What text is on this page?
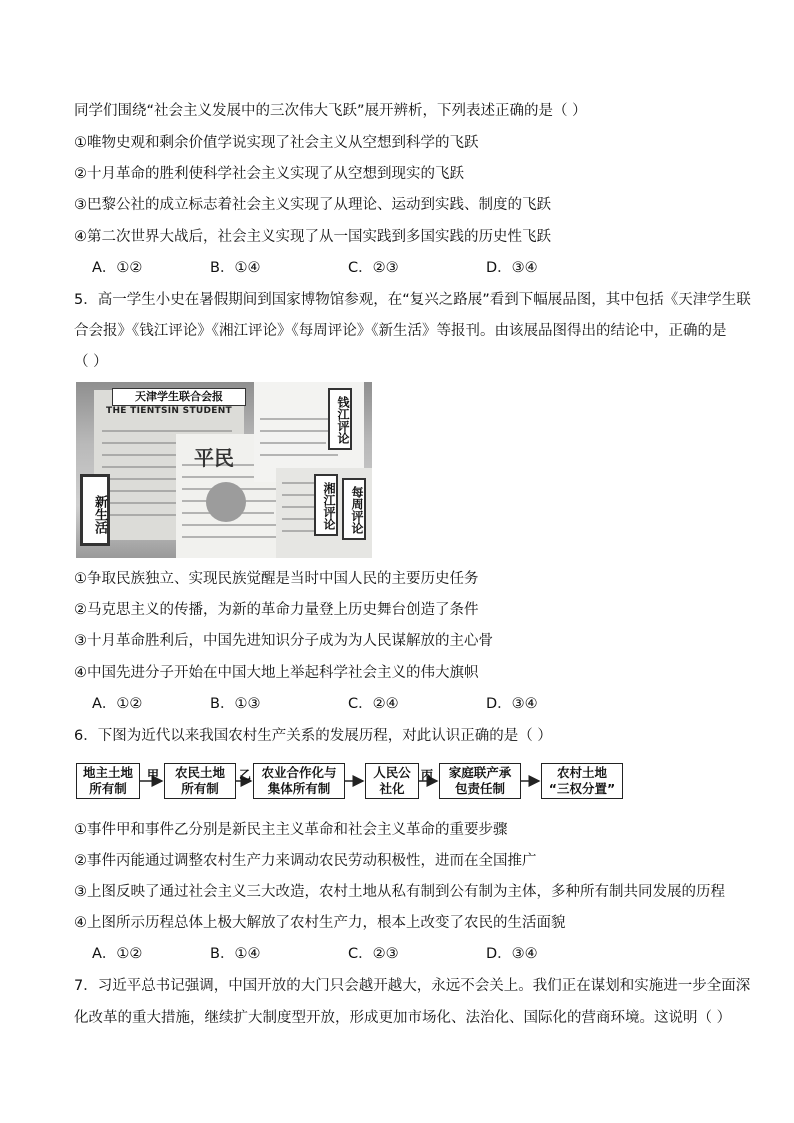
同学们围绕“社会主义发展中的三次伟大飞跃”展开辨析，下列表述正确的是（ ）
①唯物史观和剩余价值学说实现了社会主义从空想到科学的飞跃
②十月革命的胜利使科学社会主义实现了从空想到现实的飞跃
③巴黎公社的成立标志着社会主义实现了从理论、运动到实践、制度的飞跃
④第二次世界大战后，社会主义实现了从一国实践到多国实践的历史性飞跃
A．①②	B．①④	C．②③	D．③④
5．高一学生小史在暑假期间到国家博物馆参观，在“复兴之路展”看到下幅展品图，其中包括《天津学生联
合会报》《钱江评论》《湘江评论》《每周评论》《新生活》等报刊。由该展品图得出的结论中，正确的是
（ ）
天津学生联合会报
THE TIENTSIN STUDENT	钱江评论
湘江评论	每周评论
新生活
平民
①争取民族独立、实现民族觉醒是当时中国人民的主要历史任务
②马克思主义的传播，为新的革命力量登上历史舞台创造了条件
③十月革命胜利后，中国先进知识分子成为为人民谋解放的主心骨
④中国先进分子开始在中国大地上举起科学社会主义的伟大旗帜
A．①②	B．①③	C．②④	D．③④
6．下图为近代以来我国农村生产关系的发展历程，对此认识正确的是（ ）
地主土地
所有制
甲 农民土地
所有制
乙 农业合作化与
集体所有制
人民公
社化
丙 家庭联产承
包责任制
农村土地
“三权分置”
①事件甲和事件乙分别是新民主主义革命和社会主义革命的重要步骤
②事件丙能通过调整农村生产力来调动农民劳动积极性，进而在全国推广
③上图反映了通过社会主义三大改造，农村土地从私有制到公有制为主体，多种所有制共同发展的历程
④上图所示历程总体上极大解放了农村生产力，根本上改变了农民的生活面貌
A．①②	B．①④	C．②③	D．③④
7．习近平总书记强调，中国开放的大门只会越开越大，永远不会关上。我们正在谋划和实施进一步全面深
化改革的重大措施，继续扩大制度型开放，形成更加市场化、法治化、国际化的营商环境。这说明（ ）
